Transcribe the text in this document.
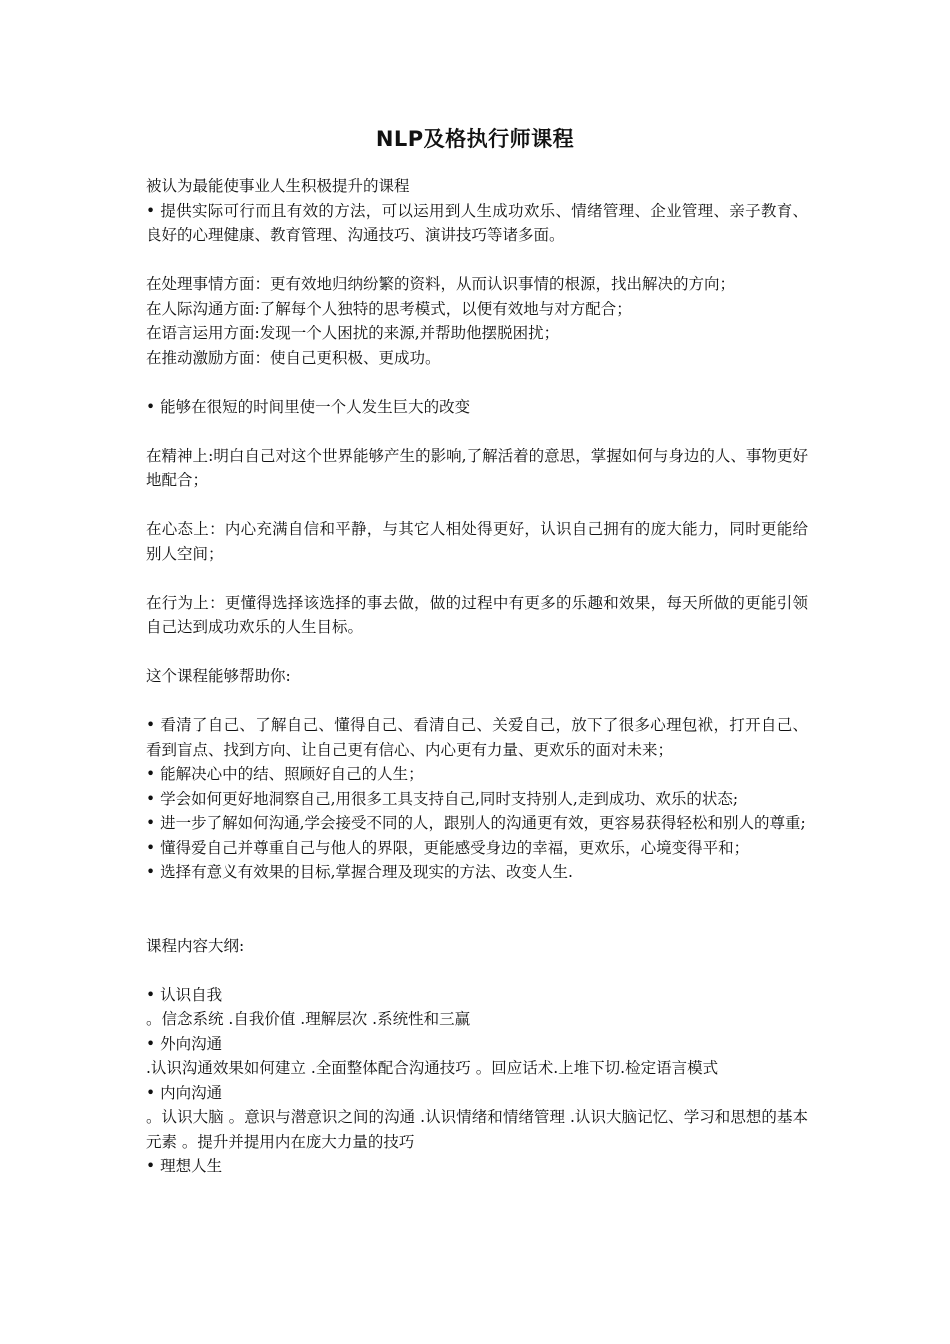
NLP及格执行师课程

被认为最能使事业人生积极提升的课程

• 提供实际可行而且有效的方法，可以运用到人生成功欢乐、情绪管理、企业管理、亲子教育、良好的心理健康、教育管理、沟通技巧、演讲技巧等诸多面。

在处理事情方面：更有效地归纳纷繁的资料，从而认识事情的根源，找出解决的方向；

在人际沟通方面:了解每个人独特的思考模式，以便有效地与对方配合；

在语言运用方面:发现一个人困扰的来源,并帮助他摆脱困扰；

在推动激励方面：使自己更积极、更成功。

• 能够在很短的时间里使一个人发生巨大的改变

在精神上:明白自己对这个世界能够产生的影响,了解活着的意思，掌握如何与身边的人、事物更好地配合；

在心态上：内心充满自信和平静，与其它人相处得更好，认识自己拥有的庞大能力，同时更能给别人空间；

在行为上：更懂得选择该选择的事去做，做的过程中有更多的乐趣和效果，每天所做的更能引领自己达到成功欢乐的人生目标。

这个课程能够帮助你:

• 看清了自己、了解自己、懂得自己、看清自己、关爱自己，放下了很多心理包袱，打开自己、看到盲点、找到方向、让自己更有信心、内心更有力量、更欢乐的面对未来；

• 能解决心中的结、照顾好自己的人生；

• 学会如何更好地洞察自己,用很多工具支持自己,同时支持别人,走到成功、欢乐的状态;

• 进一步了解如何沟通,学会接受不同的人，跟别人的沟通更有效，更容易获得轻松和别人的尊重;

• 懂得爱自己并尊重自己与他人的界限，更能感受身边的幸福，更欢乐，心境变得平和；

• 选择有意义有效果的目标,掌握合理及现实的方法、改变人生.

课程内容大纲:

• 认识自我

。信念系统 .自我价值 .理解层次 .系统性和三赢

• 外向沟通

.认识沟通效果如何建立 .全面整体配合沟通技巧 。回应话术.上堆下切.检定语言模式

• 内向沟通

。认识大脑 。意识与潜意识之间的沟通 .认识情绪和情绪管理 .认识大脑记忆、学习和思想的基本元素 。提升并提用内在庞大力量的技巧

• 理想人生
